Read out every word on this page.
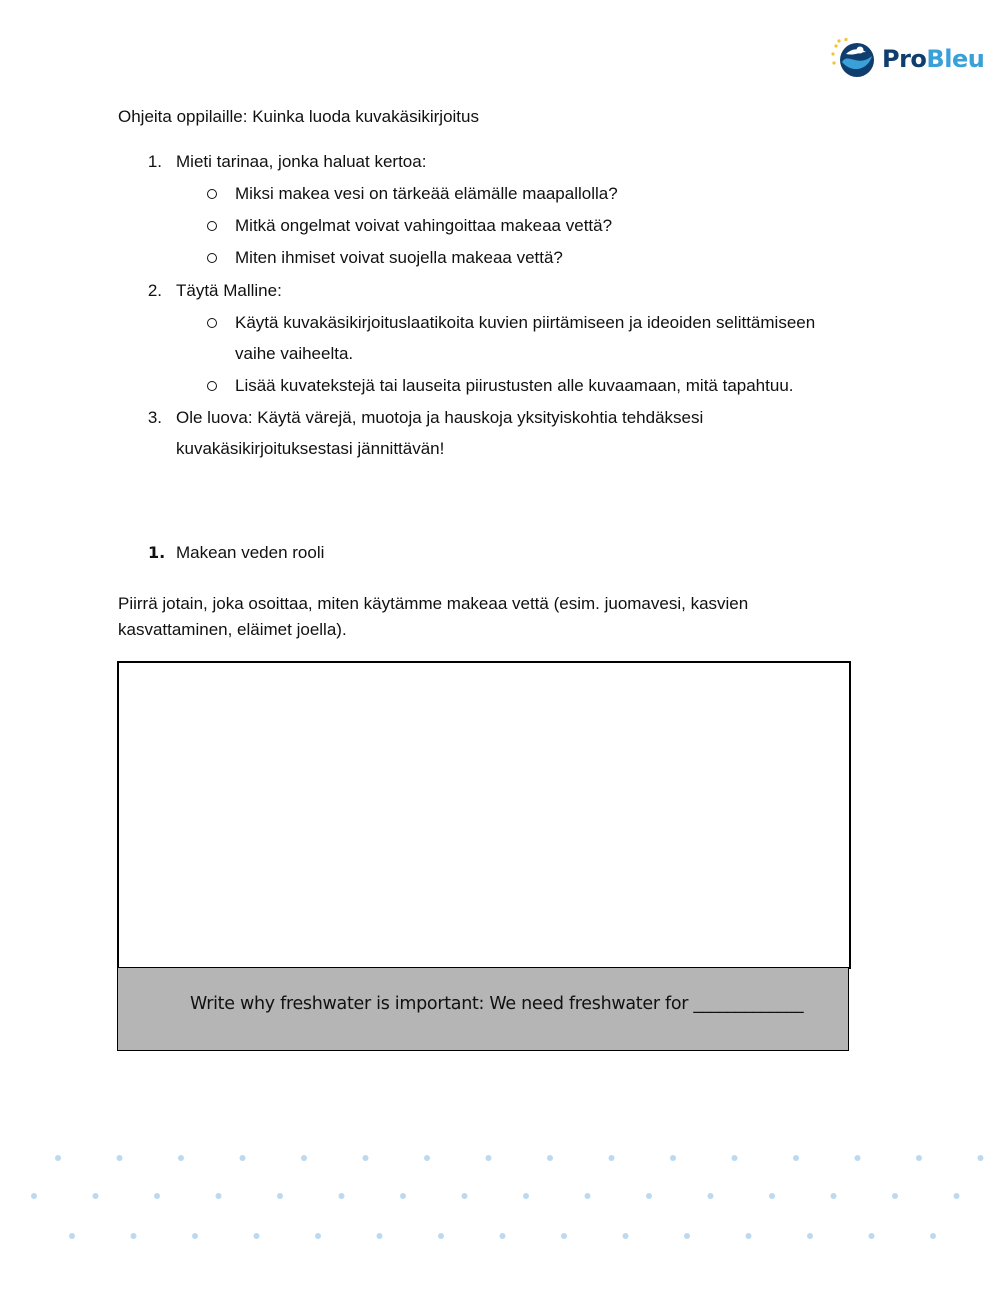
ProBleu
Ohjeita oppilaille: Kuinka luoda kuvakäsikirjoitus
1. Mieti tarinaa, jonka haluat kertoa:
Miksi makea vesi on tärkeää elämälle maapallolla?
Mitkä ongelmat voivat vahingoittaa makeaa vettä?
Miten ihmiset voivat suojella makeaa vettä?
2. Täytä Malline:
Käytä kuvakäsikirjoituslaatikoita kuvien piirtämiseen ja ideoiden selittämiseen
vaihe vaiheelta.
Lisää kuvatekstejä tai lauseita piirustusten alle kuvaamaan, mitä tapahtuu.
3. Ole luova: Käytä värejä, muotoja ja hauskoja yksityiskohtia tehdäksesi
kuvakäsikirjoituksestasi jännittävän!
1. Makean veden rooli
Piirrä jotain, joka osoittaa, miten käytämme makeaa vettä (esim. juomavesi, kasvien kasvattaminen, eläimet joella).
Write why freshwater is important: We need freshwater for _____________
